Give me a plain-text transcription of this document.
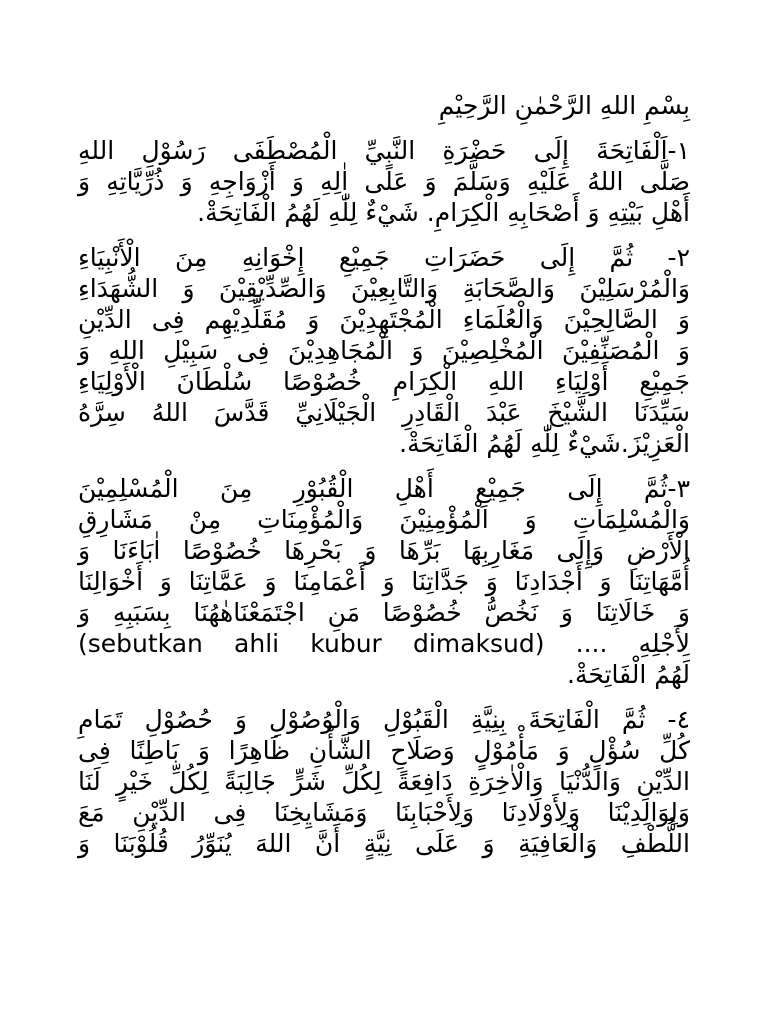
بِسْمِ اللهِ الرَّحْمٰنِ الرَّحِيْمِ
١-اَلْفَاتِحَةَ إِلَى حَضْرَةِ النَّبِيِّ الْمُصْطَفَى رَسُوْلِ اللهِ
صَلَّى اللهُ عَلَيْهِ وَسَلَّمَ وَ عَلَى اٰلِهِ وَ أَزْوَاجِهِ وَ ذُرِّيَّاتِهِ وَ
أَهْلِ بَيْتِهِ وَ أَصْحَابِهِ الْكِرَامِ. شَيْءٌ لِلّٰهِ لَهُمُ الْفَاتِحَةْ.
٢- ثُمَّ إِلَى حَضَرَاتِ جَمِيْعِ إِخْوَانِهِ مِنَ الْأَنْبِيَاءِ
وَالْمُرْسَلِيْنَ وَالصَّحَابَةِ وَالتَّابِعِيْنَ وَالصِّدِّيْقِيْنَ وَ الشُّهَدَاءِ
وَ الصَّالِحِيْنَ وَالْعُلَمَاءِ الْمُجْتَهِدِيْنَ وَ مُقَلِّدِيْهِم فِى الدِّيْنِ
وَ الْمُصَنِّفِيْنَ الْمُخْلِصِيْنَ وَ الْمُجَاهِدِيْنَ فِى سَبِيْلِ اللهِ وَ
جَمِيْعِ أَوْلِيَاءِ اللهِ الْكِرَامِ خُصُوْصًا سُلْطَانَ الْأَوْلِيَاءِ
سَيِّدَنَا الشَّيْخَ عَبْدَ الْقَادِرِ الْجَيْلَانِيِّ قَدَّسَ اللهُ سِرَّهُ
الْعَزِيْزَ.شَيْءٌ لِلّٰهِ لَهُمُ الْفَاتِحَةْ.
٣-ثُمَّ إِلَى جَمِيْعِ أَهْلِ الْقُبُوْرِ مِنَ الْمُسْلِمِيْنَ
وَالْمُسْلِمَاتِ وَ الْمُؤْمِنِيْنَ وَالْمُؤْمِنَاتِ مِنْ مَشَارِقِ
الْأَرْضِ وَإِلَى مَغَارِبِهَا بَرِّهَا وَ بَحْرِهَا خُصُوْصًا اٰبَاءَنَا وَ
أُمَّهَاتِنَا وَ أَجْدَادِنَا وَ جَدَّاتِنَا وَ أَعْمَامِنَا وَ عَمَّاتِنَا وَ أَخْوَالِنَا
وَ خَالَاتِنَا وَ نَخُصُّ خُصُوْصًا مَنِ اجْتَمَعْنَاهٰهُنَا بِسَبَبِهِ وَ
لِأَجْلِهِ (sebutkan ahli kubur dimaksud) ....
لَهُمُ الْفَاتِحَةْ.
٤- ثُمَّ الْفَاتِحَةَ بِنِيَّةِ الْقَبُوْلِ وَالْوُصُوْلِ وَ حُصُوْلِ تَمَامِ
كُلِّ سُؤْلٍ وَ مَأْمُوْلٍ وَصَلَاحِ الشَّأْنِ ظَاهِرًا وَ بَاطِنًا فِى
الدِّيْنِ وَالدُّنْيَا وَالْاٰخِرَةِ دَافِعَةً لِكُلِّ شَرٍّ جَالِبَةً لِكُلِّ خَيْرٍ لَنَا
وَلِوَالِدِيْنَا وَلِأَوْلَادِنَا وَلِأَحْبَابِنَا وَمَشَايِخِنَا فِى الدِّيْنِ مَعَ
اللُّطْفِ وَالْعَافِيَةِ وَ عَلَى نِيَّةٍ أَنَّ اللهَ يُنَوِّرُ قُلُوْبَنَا وَ
